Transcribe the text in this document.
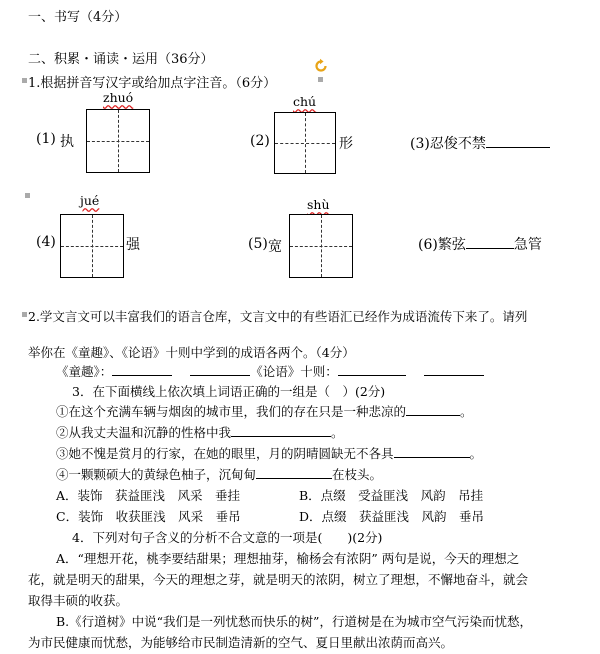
一、书写（4分）
二、积累・诵读・运用（36分）
1.根据拼音写汉字或给加点字注音。（6分）
zhuó
(1) 执
chú
(2)	形	(3)忍俊不禁
jué
(4)	强
shù
(5) 宽	(6)繁弦	急管
2.学文言文可以丰富我们的语言仓库，文言文中的有些语汇已经作为成语流传下来了。请列
举你在《童趣》、《论语》十则中学到的成语各两个。（4分）
《童趣》：	《论语》十则：
3．在下面横线上依次填上词语正确的一组是（　）(2分)
①在这个充满车辆与烟囱的城市里，我们的存在只是一种悲凉的	。
②从我丈夫温和沉静的性格中我	。
③她不愧是赏月的行家，在她的眼里，月的阴晴圆缺无不各具	。
④一颗颗硕大的黄绿色柚子，沉甸甸	在枝头。
A．装饰　获益匪浅　风采　垂挂	B．点缀　受益匪浅　风韵　吊挂
C．装饰　收获匪浅　风采　垂吊	D．点缀　获益匪浅　风韵　垂吊
4．下列对句子含义的分析不合文意的一项是(　　)(2分)
A．“理想开花，桃李要结甜果；理想抽芽，榆杨会有浓阴” 两句是说，今天的理想之
花，就是明天的甜果，今天的理想之芽，就是明天的浓阴，树立了理想，不懈地奋斗，就会
取得丰硕的收获。
B.《行道树》中说“我们是一列忧愁而快乐的树”，行道树是在为城市空气污染而忧愁，
为市民健康而忧愁，为能够给市民制造清新的空气、夏日里献出浓荫而高兴。
